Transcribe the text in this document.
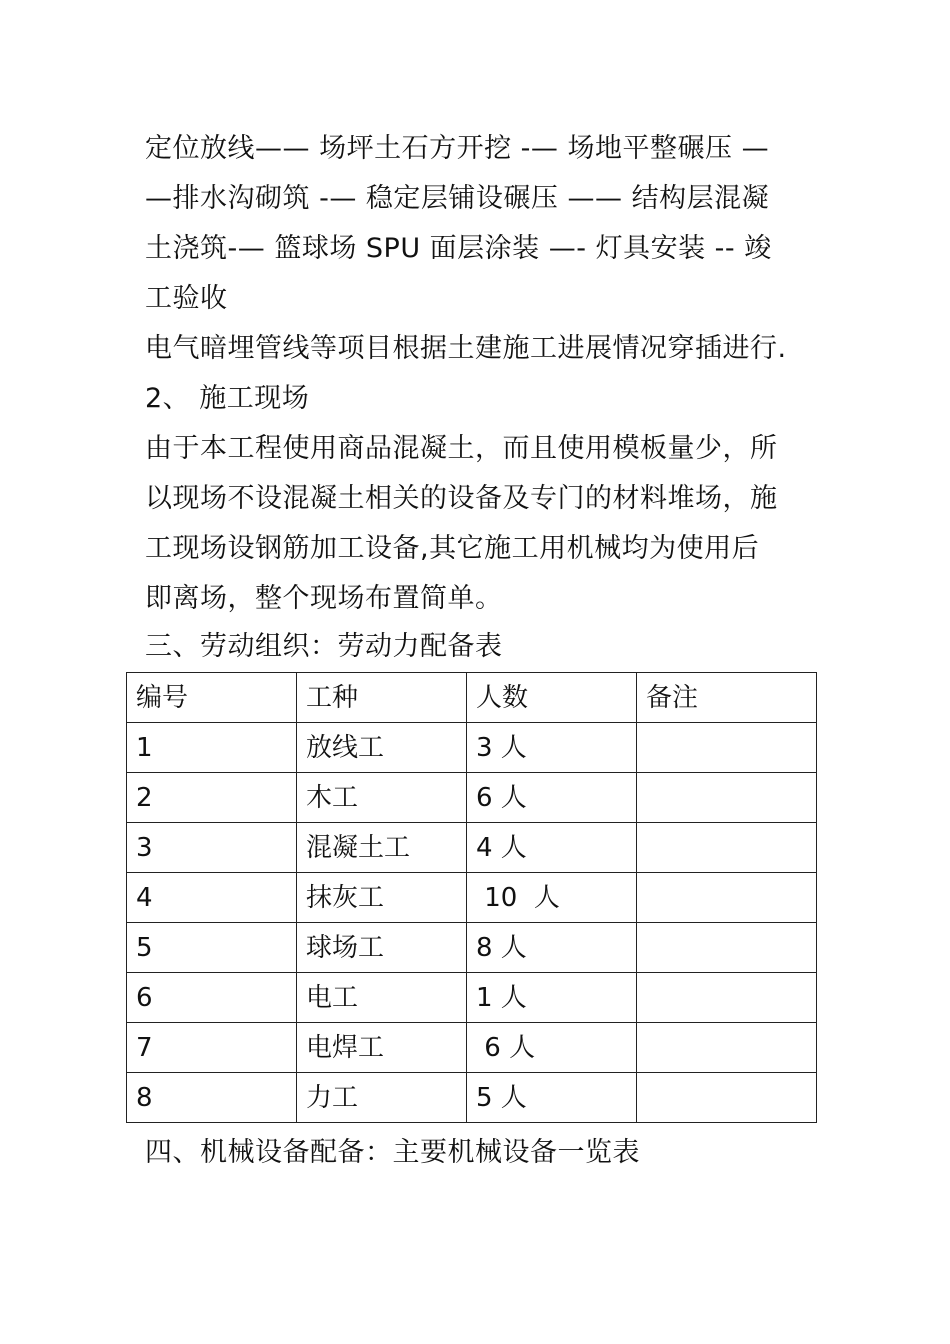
定位放线—— 场坪土石方开挖 -— 场地平整碾压 —
—排水沟砌筑 -— 稳定层铺设碾压 —— 结构层混凝
土浇筑-— 篮球场 SPU 面层涂装 —- 灯具安装 -- 竣
工验收
电气暗埋管线等项目根据土建施工进展情况穿插进行.
2、 施工现场
由于本工程使用商品混凝土，而且使用模板量少，所
以现场不设混凝土相关的设备及专门的材料堆场，施
工现场设钢筋加工设备,其它施工用机械均为使用后
即离场，整个现场布置简单。
三、劳动组织：劳动力配备表
编号	工种	人数	备注
1	放线工	3 人	
2	木工	6 人	
3	混凝土工	4 人	
4	抹灰工	10  人	
5	球场工	8 人	
6	电工	1 人	
7	电焊工	6 人	
8	力工	5 人	
四、机械设备配备：主要机械设备一览表
